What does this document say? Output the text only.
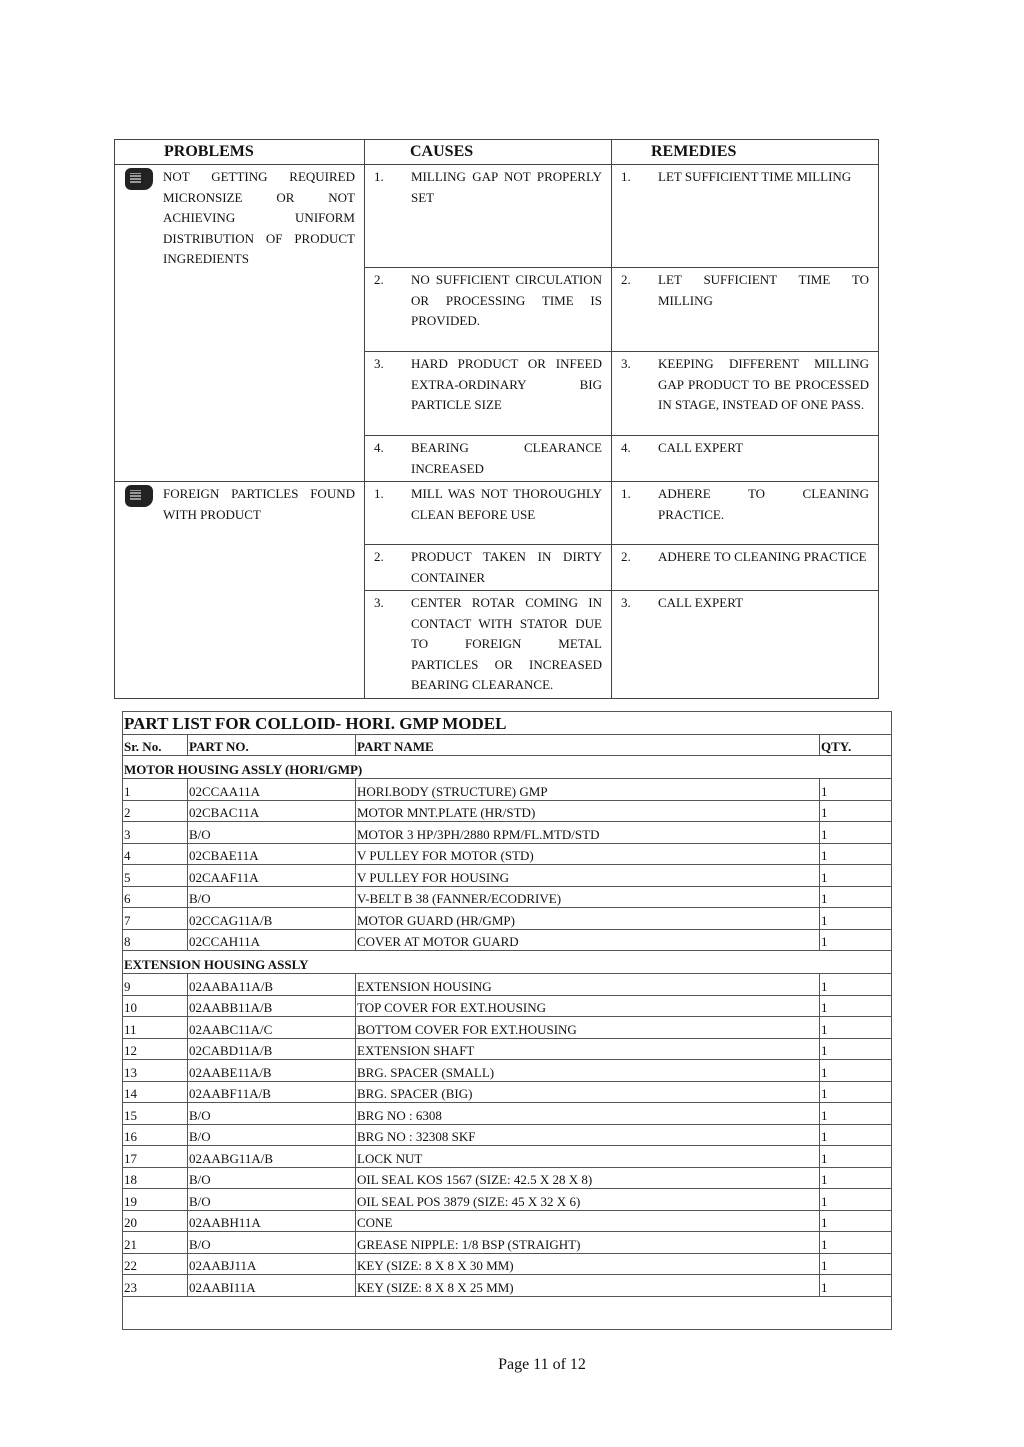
PROBLEMS	CAUSES	REMEDIES

NOT GETTING REQUIRED MICRONSIZE OR NOT ACHIEVING UNIFORM DISTRIBUTION OF PRODUCT INGREDIENTS	1. MILLING GAP NOT PROPERLY SET	1. LET SUFFICIENT TIME MILLING

	2. NO SUFFICIENT CIRCULATION OR PROCESSING TIME IS PROVIDED.	2. LET SUFFICIENT TIME TO MILLING

	3. HARD PRODUCT OR INFEED EXTRA-ORDINARY BIG PARTICLE SIZE	3. KEEPING DIFFERENT MILLING GAP PRODUCT TO BE PROCESSED IN STAGE, INSTEAD OF ONE PASS.

	4. BEARING CLEARANCE INCREASED	4. CALL EXPERT

FOREIGN PARTICLES FOUND WITH PRODUCT	1. MILL WAS NOT THOROUGHLY CLEAN BEFORE USE	1. ADHERE TO CLEANING PRACTICE.

	2. PRODUCT TAKEN IN DIRTY CONTAINER	2. ADHERE TO CLEANING PRACTICE

	3. CENTER ROTAR COMING IN CONTACT WITH STATOR DUE TO FOREIGN METAL PARTICLES OR INCREASED BEARING CLEARANCE.	3. CALL EXPERT
PART LIST FOR COLLOID- HORI. GMP MODEL			
Sr. No.	PART NO.	PART NAME	QTY.
MOTOR HOUSING ASSLY (HORI/GMP)			
1	02CCAA11A	HORI.BODY (STRUCTURE) GMP	1
2	02CBAC11A	MOTOR MNT.PLATE (HR/STD)	1
3	B/O	MOTOR 3 HP/3PH/2880 RPM/FL.MTD/STD	1
4	02CBAE11A	V PULLEY FOR MOTOR (STD)	1
5	02CAAF11A	V PULLEY FOR HOUSING	1
6	B/O	V-BELT B 38 (FANNER/ECODRIVE)	1
7	02CCAG11A/B	MOTOR GUARD (HR/GMP)	1
8	02CCAH11A	COVER AT MOTOR GUARD	1
EXTENSION HOUSING ASSLY			
9	02AABA11A/B	EXTENSION HOUSING	1
10	02AABB11A/B	TOP COVER FOR EXT.HOUSING	1
11	02AABC11A/C	BOTTOM COVER FOR EXT.HOUSING	1
12	02CABD11A/B	EXTENSION SHAFT	1
13	02AABE11A/B	BRG. SPACER (SMALL)	1
14	02AABF11A/B	BRG. SPACER (BIG)	1
15	B/O	BRG NO : 6308	1
16	B/O	BRG NO : 32308 SKF	1
17	02AABG11A/B	LOCK NUT	1
18	B/O	OIL SEAL KOS 1567 (SIZE: 42.5 X 28 X 8)	1
19	B/O	OIL SEAL POS 3879 (SIZE: 45 X 32 X 6)	1
20	02AABH11A	CONE	1
21	B/O	GREASE NIPPLE: 1/8 BSP (STRAIGHT)	1
22	02AABJ11A	KEY (SIZE: 8 X 8 X 30 MM)	1
23	02AABI11A	KEY (SIZE: 8 X 8 X 25 MM)	1

Page 11 of 12
